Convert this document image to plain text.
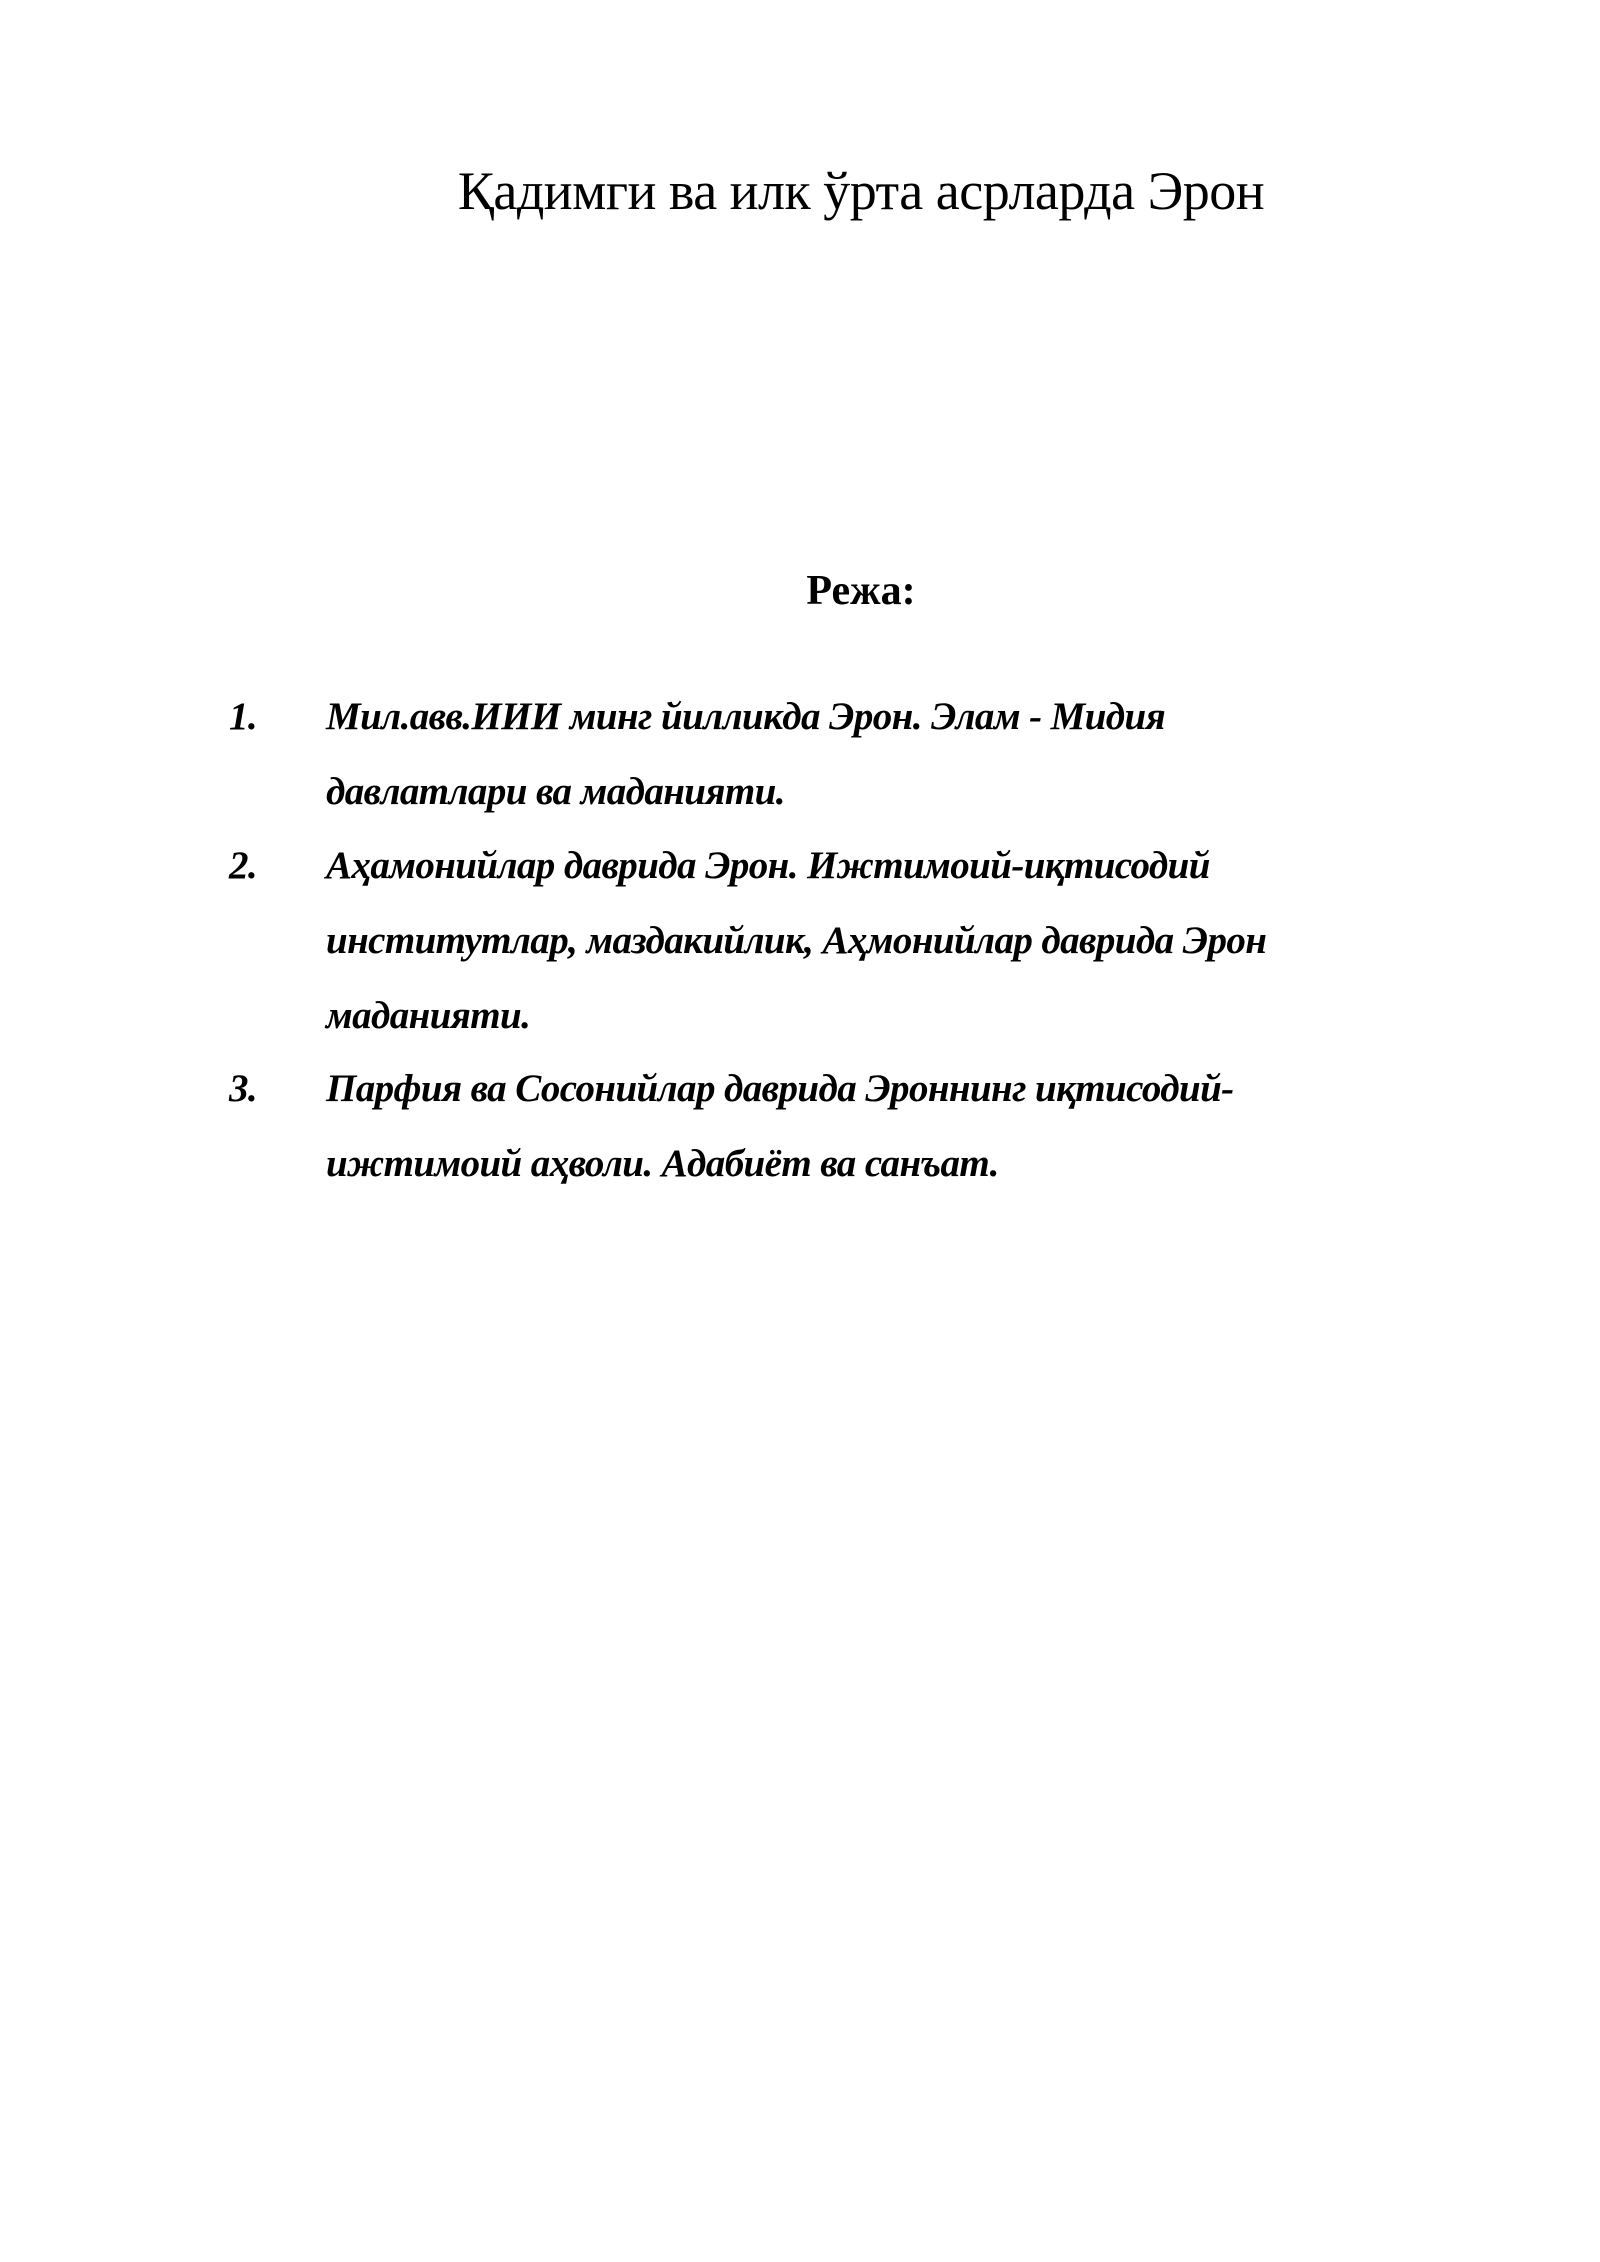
Қадимги ва илк ўрта асрларда Эрон
Режа:
1. Мил.авв.ИИИ минг йилликда Эрон. Элам - Мидия давлатлари ва маданияти.
2. Аҳамонийлар даврида Эрон. Ижтимоий-иқтисодий институтлар, маздакийлик, Аҳмонийлар даврида Эрон маданияти.
3. Парфия ва Сосонийлар даврида Эроннинг иқтисодий-ижтимоий аҳволи. Адабиёт ва санъат.
